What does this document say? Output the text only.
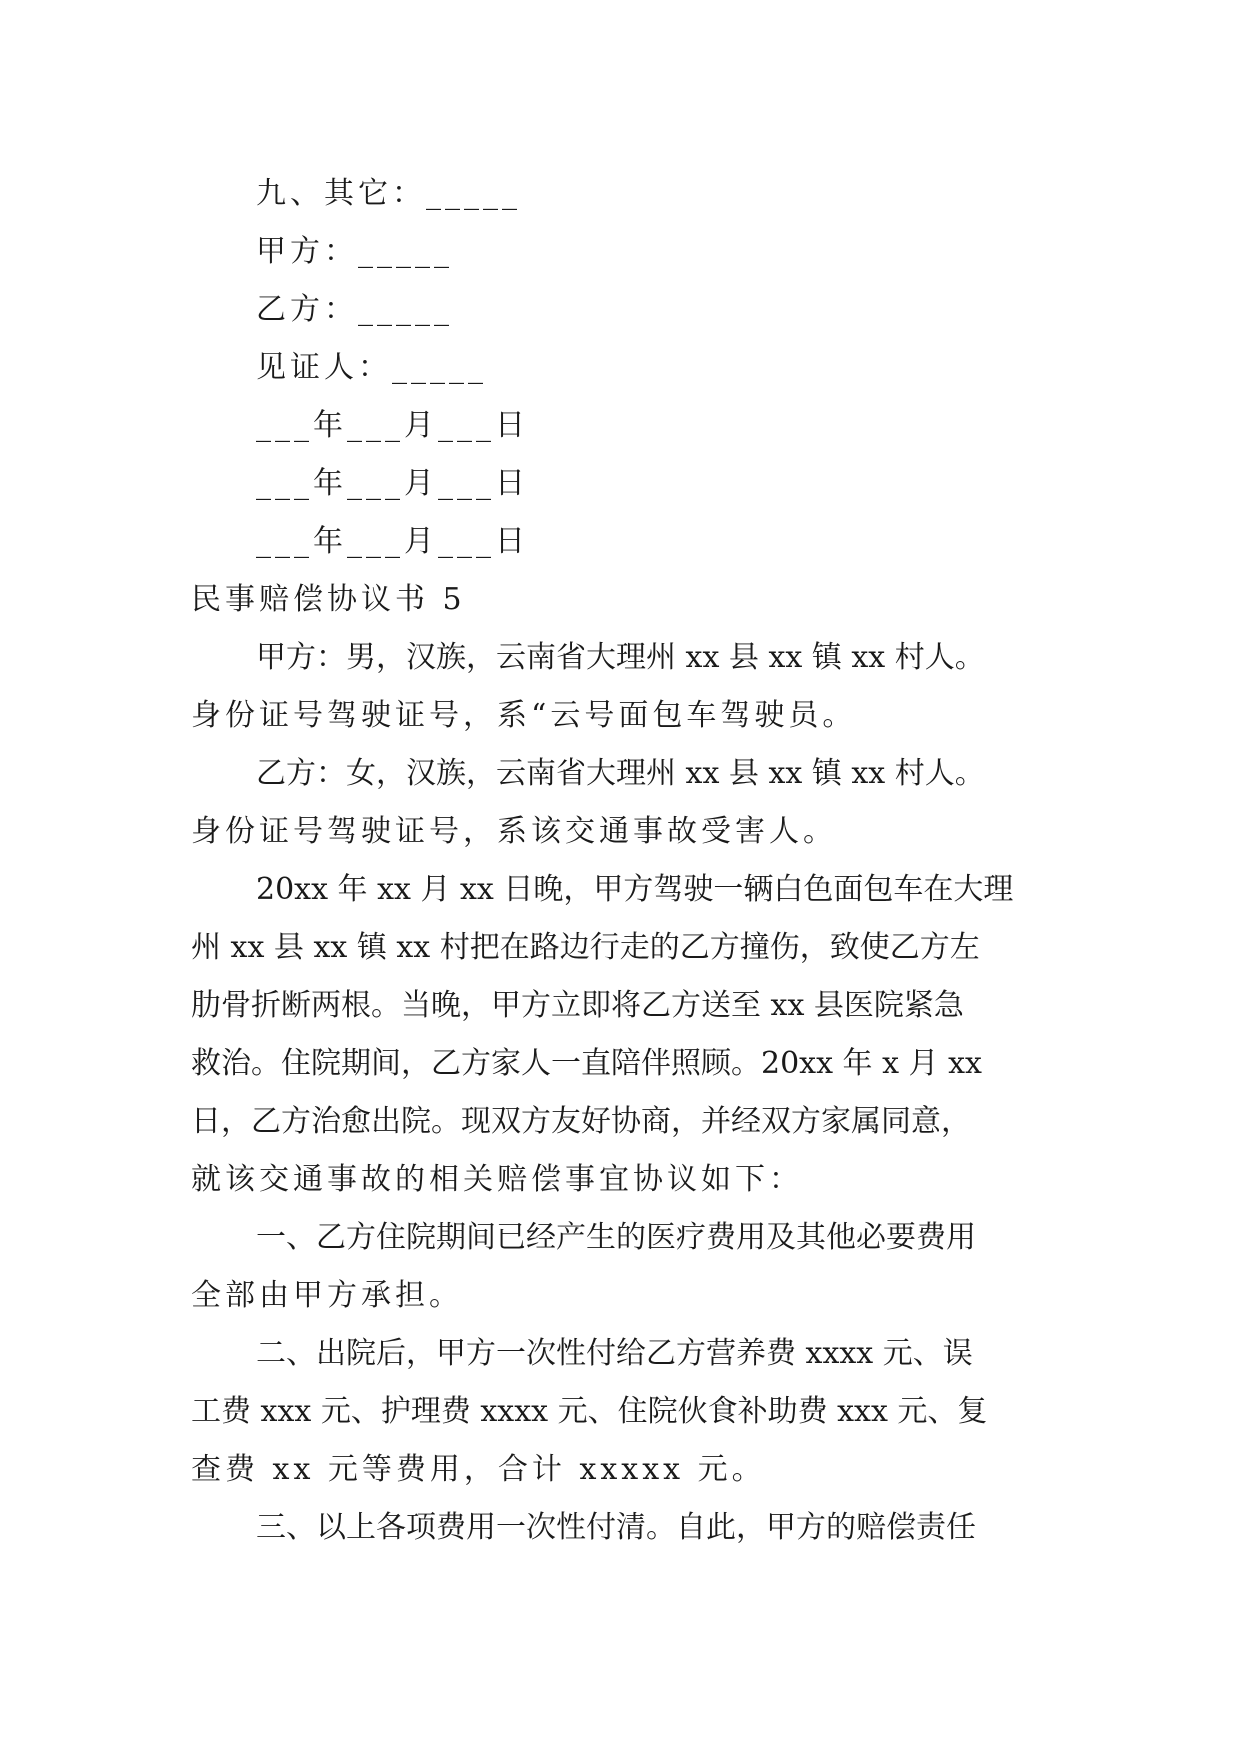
九、其它：_____
甲方：_____
乙方：_____
见证人：_____
___年___月___日
___年___月___日
___年___月___日
民事赔偿协议书 5
甲方：男，汉族，云南省大理州 xx 县 xx 镇 xx 村人。
身份证号驾驶证号，系“云号面包车驾驶员。
乙方：女，汉族，云南省大理州 xx 县 xx 镇 xx 村人。
身份证号驾驶证号，系该交通事故受害人。
20xx 年 xx 月 xx 日晚，甲方驾驶一辆白色面包车在大理
州 xx 县 xx 镇 xx 村把在路边行走的乙方撞伤，致使乙方左
肋骨折断两根。当晚，甲方立即将乙方送至 xx 县医院紧急
救治。住院期间，乙方家人一直陪伴照顾。20xx 年 x 月 xx
日，乙方治愈出院。现双方友好协商，并经双方家属同意，
就该交通事故的相关赔偿事宜协议如下：
一、乙方住院期间已经产生的医疗费用及其他必要费用
全部由甲方承担。
二、出院后，甲方一次性付给乙方营养费 xxxx 元、误
工费 xxx 元、护理费 xxxx 元、住院伙食补助费 xxx 元、复
查费 xx 元等费用，合计 xxxxx 元。
三、以上各项费用一次性付清。自此，甲方的赔偿责任
